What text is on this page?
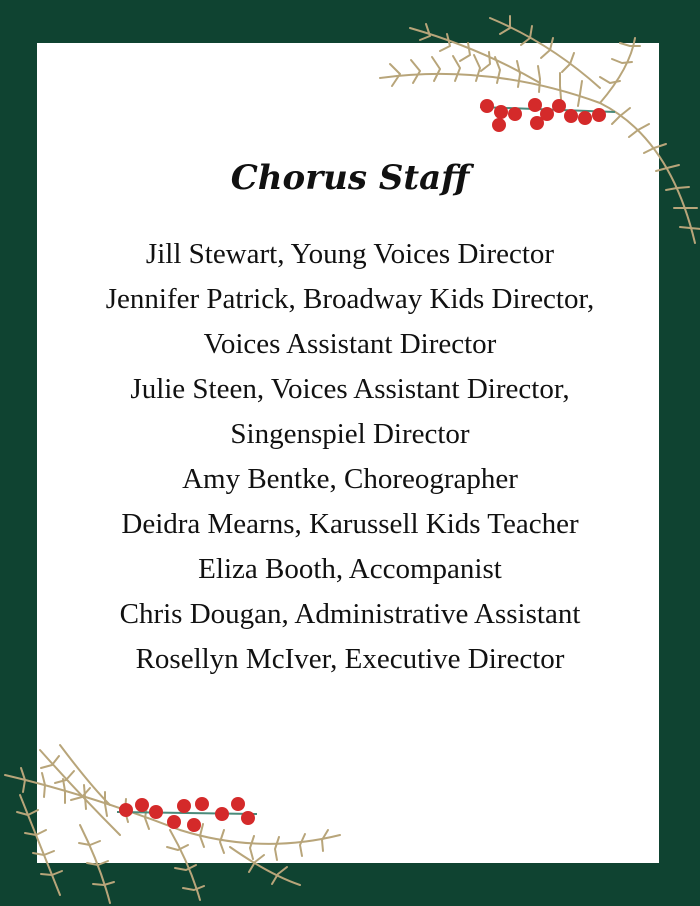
Chorus Staff
Jill Stewart, Young Voices Director
Jennifer Patrick, Broadway Kids Director,
Voices Assistant Director
Julie Steen, Voices Assistant Director,
Singenspiel Director
Amy Bentke, Choreographer
Deidra Mearns, Karussell Kids Teacher
Eliza Booth, Accompanist
Chris Dougan, Administrative Assistant
Rosellyn McIver, Executive Director
